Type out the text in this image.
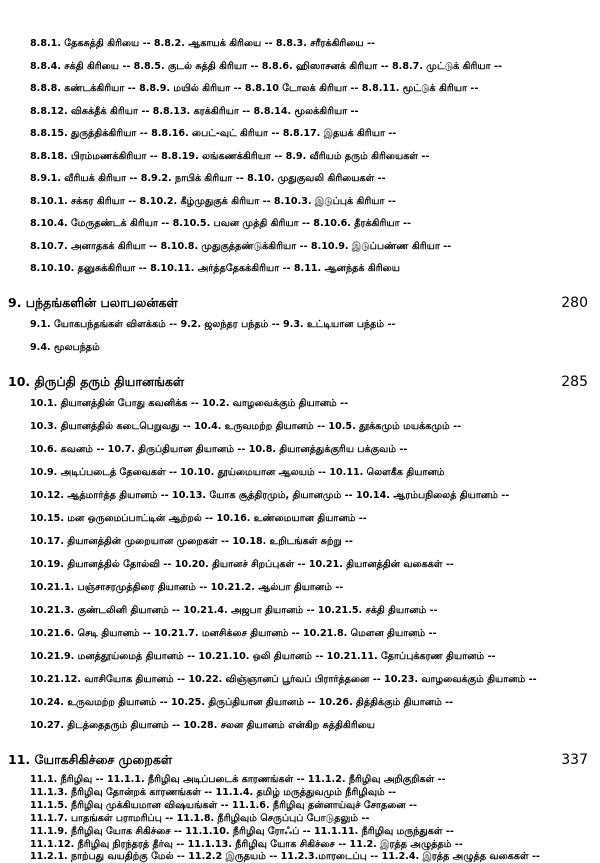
8.8.1. தேகசுத்தி கிரியை -- 8.8.2. ஆகாயக் கிரியை -- 8.8.3. சரீரக்கிரியை --
8.8.4. சக்தி கிரியை -- 8.8.5. குடல் சுத்தி கிரியா -- 8.8.6. ஹிஸாசனக் கிரியா -- 8.8.7. முட்டுக் கிரியா --
8.8.8. கண்டக்கிரியா -- 8.8.9. மயில் கிரியா -- 8.8.10 டோலக் கிரியா -- 8.8.11. மூட்டுக் கிரியா --
8.8.12. விசுக்தீக் கிரியா -- 8.8.13. கரக்கிரியா -- 8.8.14. மூலக்கிரியா --
8.8.15. துருத்திக்கிரியா -- 8.8.16. பைட்-வுட் கிரியா -- 8.8.17. இதயக் கிரியா --
8.8.18. பிரம்மணக்கிரியா -- 8.8.19. லங்கணக்கிரியா -- 8.9. வீரியம் தரும் கிரியைகள் --
8.9.1. வீரியக் கிரியா -- 8.9.2. நாபிக் கிரியா -- 8.10. முதுகுவலி கிரியைகள் --
8.10.1. சக்கர கிரியா -- 8.10.2. கீழ்முதுகுக் கிரியா -- 8.10.3. இடுப்புக் கிரியா --
8.10.4. மேருதண்டக் கிரியா -- 8.10.5. பவன முத்தி கிரியா -- 8.10.6. தீரக்கிரியா --
8.10.7. அனாதகக் கிரியா -- 8.10.8. முதுகுத்தண்டுக்கிரியா -- 8.10.9. இடுப்பண்ண கிரியா --
8.10.10. தனுசுக்கிரியா -- 8.10.11. அர்த்ததேகக்கிரியா -- 8.11. ஆனந்தக் கிரியை
9. பந்தங்களின் பலாபலன்கள்	280
9.1. யோகபந்தங்கள் விளக்கம் -- 9.2. ஜலந்தர பந்தம் -- 9.3. உட்டியான பந்தம் --
9.4. மூலபந்தம்
10. திருப்தி தரும் தியானங்கள்	285
10.1. தியானத்தின் போது கவனிக்க -- 10.2. வாழவைக்கும் தியானம் --
10.3. தியானத்தில் கடைபெறுவது -- 10.4. உருவமற்ற தியானம் -- 10.5. தூக்கமும் மயக்கமும் --
10.6. கவனம் -- 10.7. திருப்தியான தியானம் -- 10.8. தியானத்துக்குரிய பக்குவம் --
10.9. அடிப்படைத் தேவைகள் -- 10.10. தூய்மையான ஆலயம் -- 10.11. லௌகீக தியானம்
10.12. ஆத்மார்த்த தியானம் -- 10.13. யோக சூத்திரமும், தியானமும் -- 10.14. ஆரம்பநிலைத் தியானம் --
10.15. மன ஒருமைப்பாட்டின் ஆற்றல் -- 10.16. உண்மையான தியானம் --
10.17. தியானத்தின் முறையான முறைகள் -- 10.18. உறிடங்கள் சுற்று --
10.19. தியானத்தில் தோல்வி -- 10.20. தியானச் சிறப்புகள் -- 10.21. தியானத்தின் வகைகள் --
10.21.1. பஞ்சாசரமுத்திரை தியானம் -- 10.21.2. ஆல்பா தியானம் --
10.21.3. குண்டலினி தியானம் -- 10.21.4. அஜபா தியானம் -- 10.21.5. சக்தி தியானம் --
10.21.6. செடி தியானம் -- 10.21.7. மனசிக்சை தியானம் -- 10.21.8. மௌன தியானம் --
10.21.9. மனத்தூய்மைத் தியானம் -- 10.21.10. ஒலி தியானம் -- 10.21.11. தோப்புக்கரண தியானம் --
10.21.12. வாசியோக தியானம் -- 10.22. விஞ்ஞானப் பூர்வப் பிரார்த்தனை -- 10.23. வாழவைக்கும் தியானம் --
10.24. உருவமற்ற தியானம் -- 10.25. திருப்தியான தியானம் -- 10.26. தித்திக்கும் தியானம் --
10.27. திடத்தைதரும் தியானம் -- 10.28. சலன தியானம் என்கிற சுத்திகிரியை
11. யோகசிகிச்சை முறைகள்	337
11.1. நீரிழிவு -- 11.1.1. நீரிழிவு அடிப்படைக் காரணங்கள் -- 11.1.2. நீரிழிவு அறிகுறிகள் --
11.1.3. நீரிழிவு தோன்றக் காரணங்கள் -- 11.1.4. தமிழ் மருத்துவமும் நீரிழிவும் --
11.1.5. நீரிழிவு முக்கியமான விஷயங்கள் -- 11.1.6. நீரிழிவு தன்னாய்வுச் சோதனை --
11.1.7. பாதங்கள் பராமரிப்பு -- 11.1.8. நீரிழிவும் செருப்புப் போடுதலும் --
11.1.9. நீரிழிவு யோக சிகிச்சை -- 11.1.10. நீரிழிவு ரோஃப் -- 11.1.11. நீரிழிவு மருந்துகள் --
11.1.12. நீரிழிவு நிரந்தரத் தீர்வு -- 11.1.13. நீரிழிவு யோக சிகிச்சை -- 11.2. இரத்த அழுத்தம் --
11.2.1. நாற்பது வயதிற்கு மேல் -- 11.2.2 இருதயம் -- 11.2.3.மாரடைப்பு -- 11.2.4. இரத்த அழுத்த வகைகள் --
